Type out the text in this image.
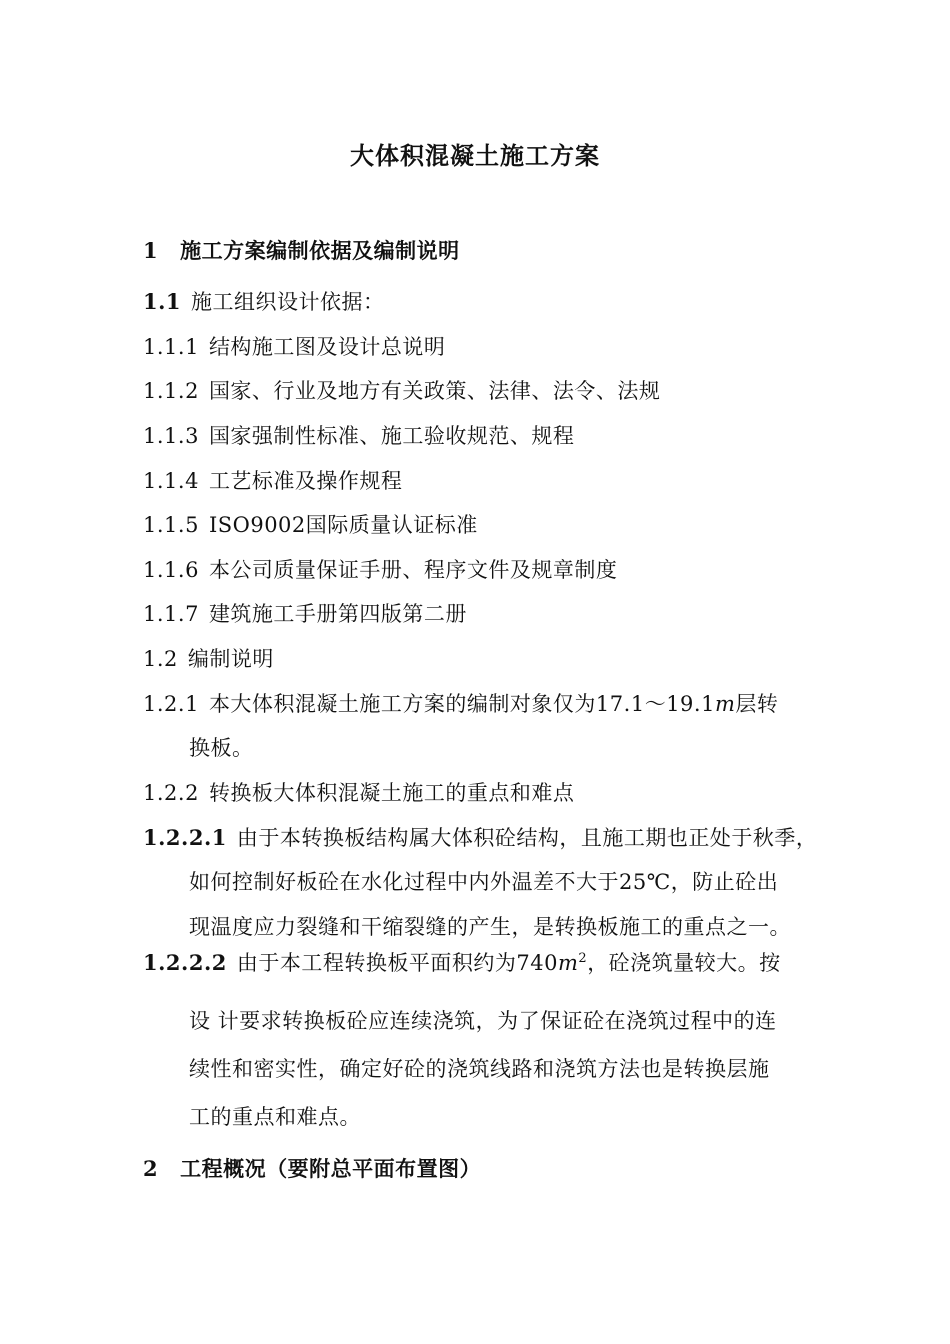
大体积混凝土施工方案
1 施工方案编制依据及编制说明
1.1 施工组织设计依据：
1.1.1 结构施工图及设计总说明
1.1.2 国家、行业及地方有关政策、法律、法令、法规
1.1.3 国家强制性标准、施工验收规范、规程
1.1.4 工艺标准及操作规程
1.1.5 ISO9002国际质量认证标准
1.1.6 本公司质量保证手册、程序文件及规章制度
1.1.7 建筑施工手册第四版第二册
1.2 编制说明
1.2.1 本大体积混凝土施工方案的编制对象仅为17.1～19.1m层转
换板。
1.2.2 转换板大体积混凝土施工的重点和难点
1.2.2.1 由于本转换板结构属大体积砼结构，且施工期也正处于秋季，
如何控制好板砼在水化过程中内外温差不大于25℃，防止砼出
现温度应力裂缝和干缩裂缝的产生，是转换板施工的重点之一。
1.2.2.2 由于本工程转换板平面积约为$740m^2$，砼浇筑量较大。按
设 计要求转换板砼应连续浇筑，为了保证砼在浇筑过程中的连
续性和密实性，确定好砼的浇筑线路和浇筑方法也是转换层施
工的重点和难点。
2 工程概况（要附总平面布置图）
